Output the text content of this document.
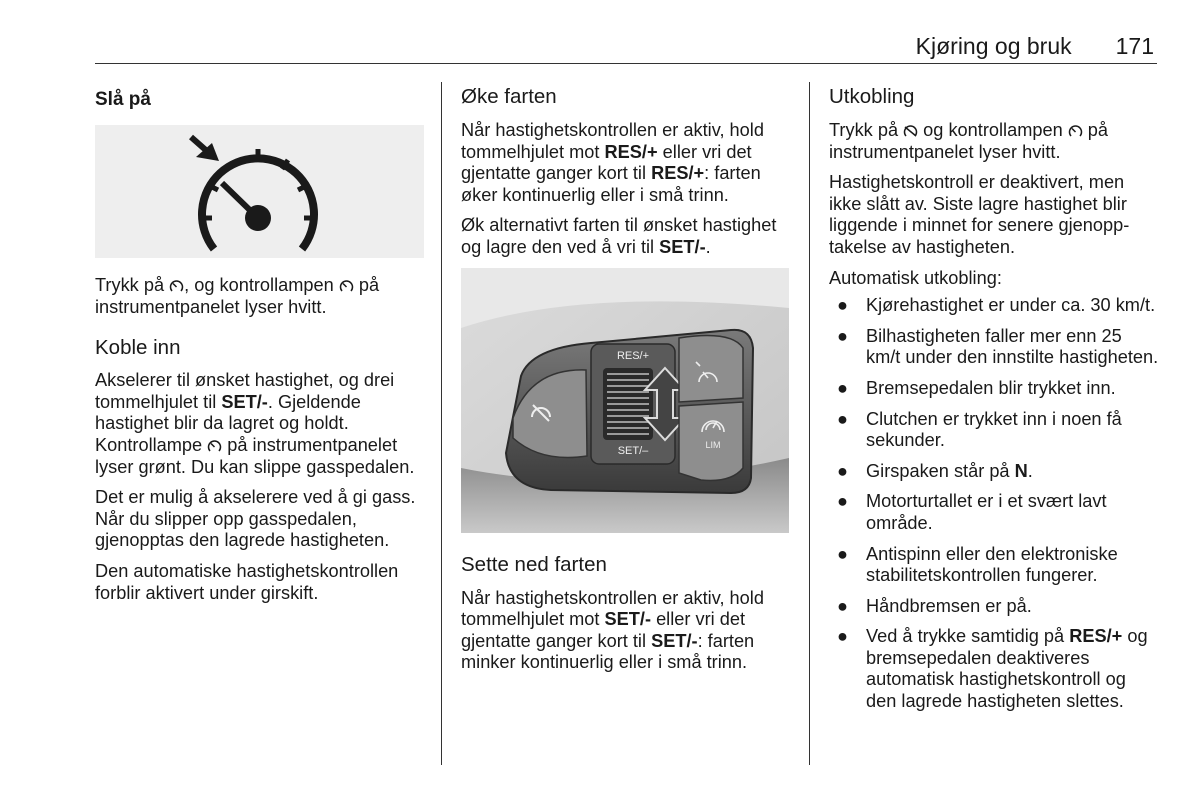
Kjøring og bruk 171
Slå på

Trykk på , og kontrollampen  på instrumentpanelet lyser hvitt.

Koble inn

Akselerer til ønsket hastighet, og drei tommelhjulet til SET/-. Gjeldende hastighet blir da lagret og holdt. Kontrollampe  på instrumentpanelet lyser grønt. Du kan slippe gasspedalen.

Det er mulig å akselerere ved å gi gass. Når du slipper opp gasspedalen, gjenopptas den lagrede hastigheten.

Den automatiske hastighetskontrollen forblir aktivert under girskift.

Øke farten

Når hastighetskontrollen er aktiv, hold tommelhjulet mot RES/+ eller vri det gjentatte ganger kort til RES/+: farten øker kontinuerlig eller i små trinn.

Øk alternativt farten til ønsket hastighet og lagre den ved å vri til SET/-.

RES/+
SET/–	LIM
Sette ned farten

Når hastighetskontrollen er aktiv, hold tommelhjulet mot SET/- eller vri det gjentatte ganger kort til SET/-: farten minker kontinuerlig eller i små trinn.

Utkobling

Trykk på  og kontrollampen  på instrumentpanelet lyser hvitt.

Hastighetskontroll er deaktivert, men ikke slått av. Siste lagre hastighet blir liggende i minnet for senere gjenopptakelse av hastigheten.

Automatisk utkobling:

● Kjørehastighet er under ca. 30 km/t.
● Bilhastigheten faller mer enn 25 km/t under den innstilte hastigheten.
● Bremsepedalen blir trykket inn.
● Clutchen er trykket inn i noen få sekunder.
● Girspaken står på N.
● Motorturtallet er i et svært lavt område.
● Antispinn eller den elektroniske stabilitetskontrollen fungerer.
● Håndbremsen er på.
● Ved å trykke samtidig på RES/+ og bremsepedalen deaktiveres automatisk hastighetskontroll og den lagrede hastigheten slettes.
